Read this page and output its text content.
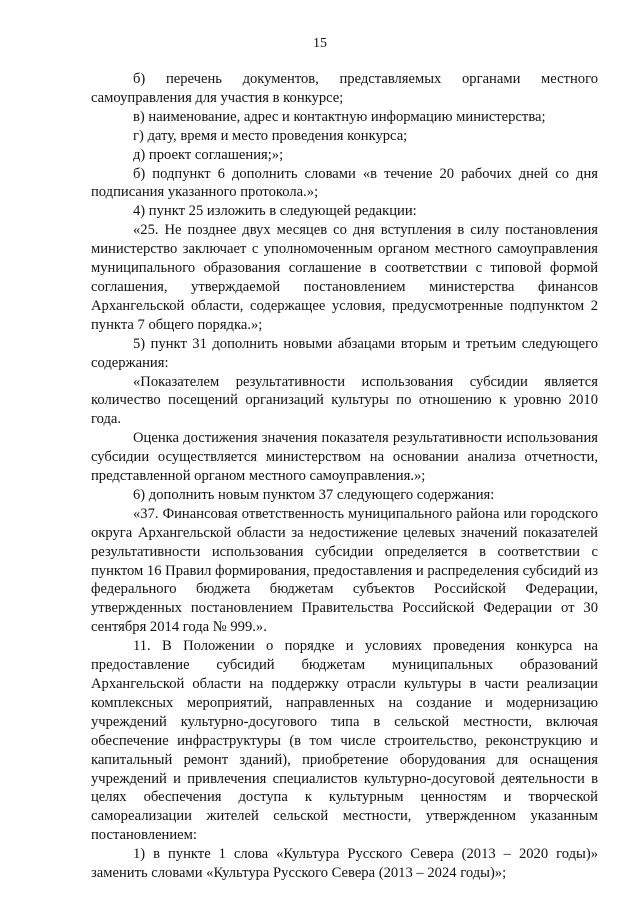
15

б) перечень документов, представляемых органами местного самоуправления для участия в конкурсе;

в) наименование, адрес и контактную информацию министерства;

г) дату, время и место проведения конкурса;

д) проект соглашения;»;

б) подпункт 6 дополнить словами «в течение 20 рабочих дней со дня подписания указанного протокола.»;

4) пункт 25 изложить в следующей редакции:

«25. Не позднее двух месяцев со дня вступления в силу постановления министерство заключает с уполномоченным органом местного самоуправления муниципального образования соглашение в соответствии с типовой формой соглашения, утверждаемой постановлением министерства финансов Архангельской области, содержащее условия, предусмотренные подпунктом 2 пункта 7 общего порядка.»;

5) пункт 31 дополнить новыми абзацами вторым и третьим следующего содержания:

«Показателем результативности использования субсидии является количество посещений организаций культуры по отношению к уровню 2010 года.

Оценка достижения значения показателя результативности использования субсидии осуществляется министерством на основании анализа отчетности, представленной органом местного самоуправления.»;

6) дополнить новым пунктом 37 следующего содержания:

«37. Финансовая ответственность муниципального района или городского округа Архангельской области за недостижение целевых значений показателей результативности использования субсидии определяется в соответствии с пунктом 16 Правил формирования, предоставления и распределения субсидий из федерального бюджета бюджетам субъектов Российской Федерации, утвержденных постановлением Правительства Российской Федерации от 30 сентября 2014 года № 999.».

11. В Положении о порядке и условиях проведения конкурса на предоставление субсидий бюджетам муниципальных образований Архангельской области на поддержку отрасли культуры в части реализации комплексных мероприятий, направленных на создание и модернизацию учреждений культурно-досугового типа в сельской местности, включая обеспечение инфраструктуры (в том числе строительство, реконструкцию и капитальный ремонт зданий), приобретение оборудования для оснащения учреждений и привлечения специалистов культурно-досуговой деятельности в целях обеспечения доступа к культурным ценностям и творческой самореализации жителей сельской местности, утвержденном указанным постановлением:

1) в пункте 1 слова «Культура Русского Севера (2013 – 2020 годы)» заменить словами «Культура Русского Севера (2013 – 2024 годы)»;
